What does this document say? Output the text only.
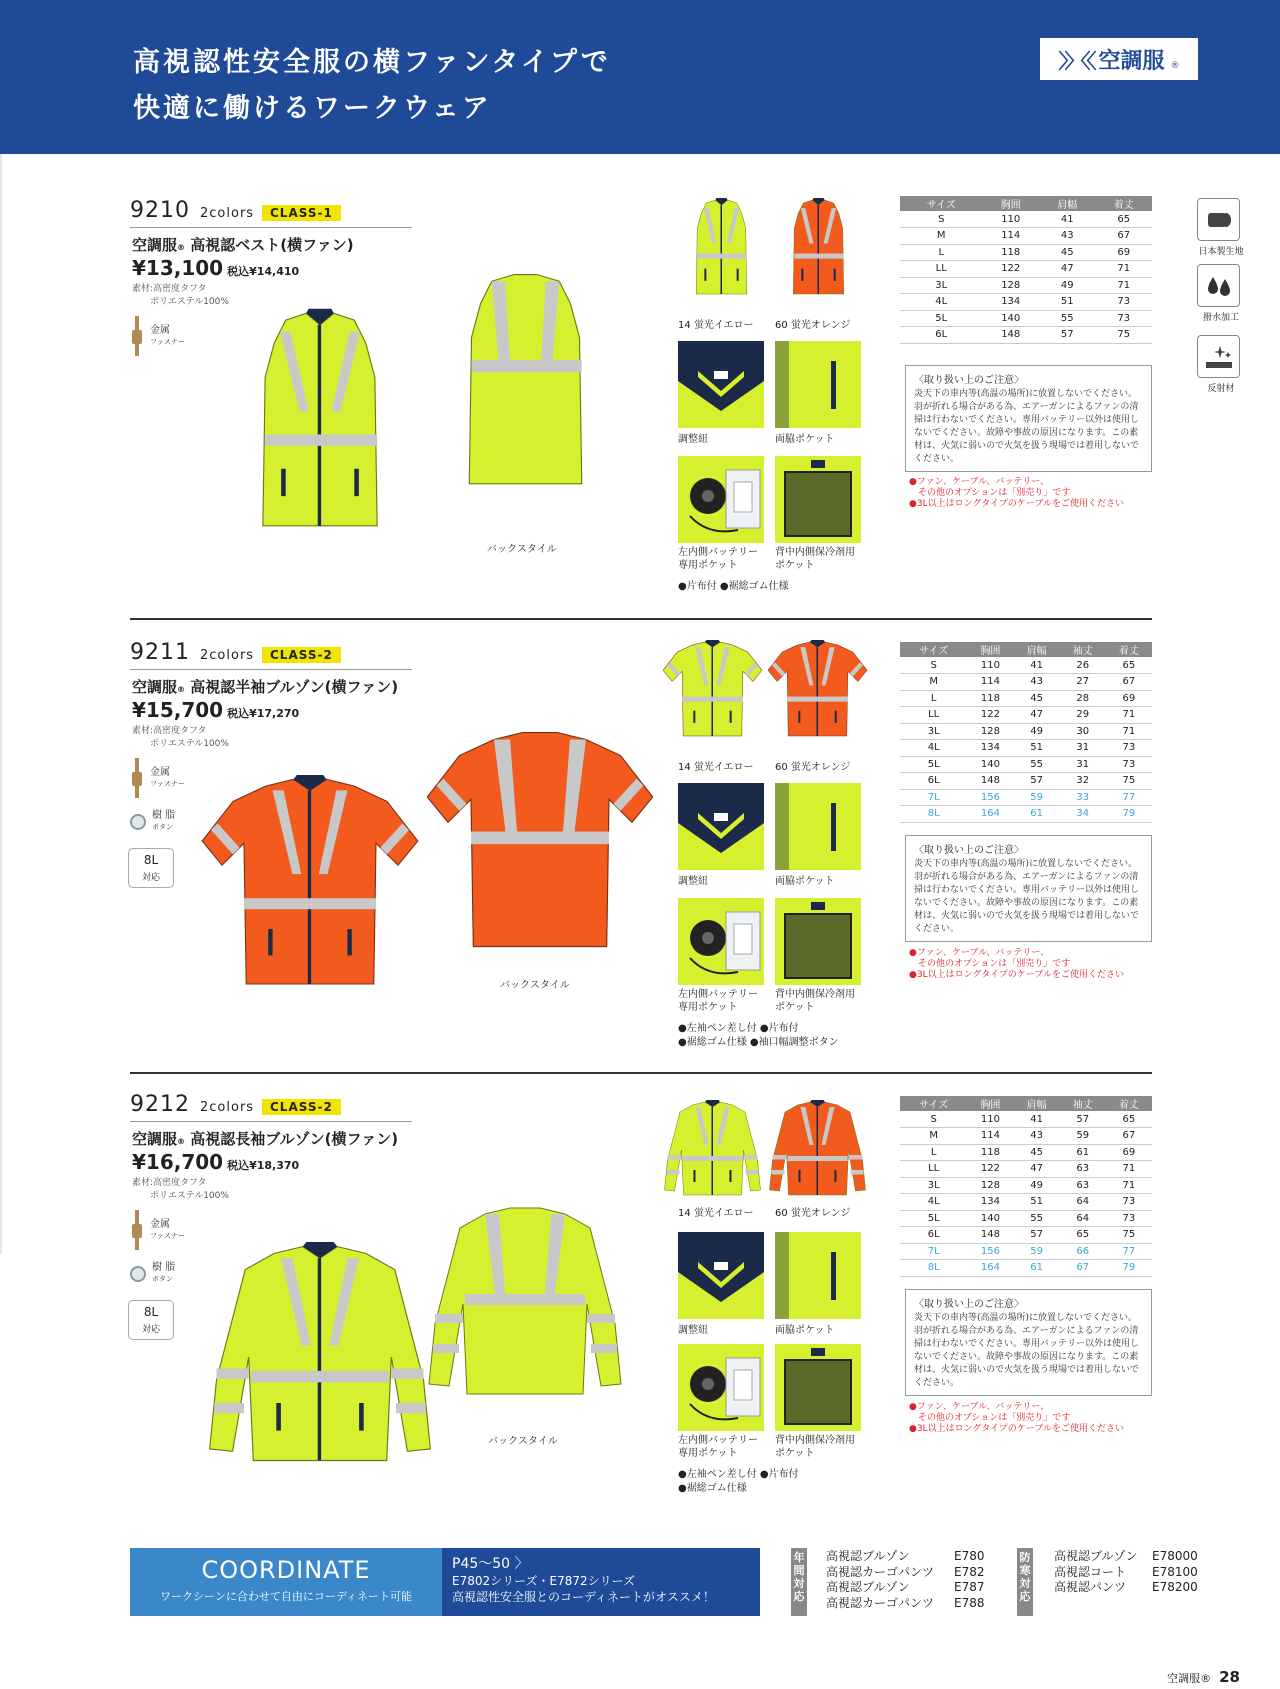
高視認性安全服の横ファンタイプで
快適に働けるワークウェア
〉〉〈〈 空調服 ®
日本製生地
撥水加工
反射材
9210 2colors	CLASS-1
空調服® 高視認ベスト(横ファン)
¥13,100 税込¥14,410
素材:高密度タフタ
　　ポリエステル100%
金属
ファスナー
バックスタイル
14 蛍光イエロー 60 蛍光オレンジ
調整紐	両脇ポケット
左内側バッテリー
専用ポケット
背中内側保冷剤用
ポケット
●片布付 ●裾総ゴム仕様
サイズ	胸囲	肩幅	着丈
S	110	41	65
M	114	43	67
L	118	45	69
LL	122	47	71
3L	128	49	71
4L	134	51	73
5L	140	55	73
6L	148	57	75
〈取り扱い上のご注意〉
炎天下の車内等(高温の場所)に放置しないでください。羽が折れる場合がある為、エアーガンによるファンの清掃は行わないでください。専用バッテリー以外は使用しないでください。故障や事故の原因になります。この素材は、火気に弱いので火気を扱う現場では着用しないでください。
●ファン、ケーブル、バッテリー、
　その他のオプションは「別売り」です
●3L以上はロングタイプのケーブルをご使用ください
9211 2colors	CLASS-2
空調服® 高視認半袖ブルゾン(横ファン)
¥15,700 税込¥17,270
素材:高密度タフタ
　　ポリエステル100%
金属
ファスナー
樹 脂
ボタン
8L
対応
バックスタイル
14 蛍光イエロー 60 蛍光オレンジ
調整紐	両脇ポケット
左内側バッテリー
専用ポケット
背中内側保冷剤用
ポケット
●左袖ペン差し付 ●片布付
●裾総ゴム仕様 ●袖口幅調整ボタン
サイズ	胸囲	肩幅	袖丈	着丈
S	110	41	26	65
M	114	43	27	67
L	118	45	28	69
LL	122	47	29	71
3L	128	49	30	71
4L	134	51	31	73
5L	140	55	31	73
6L	148	57	32	75
7L	156	59	33	77
8L	164	61	34	79
〈取り扱い上のご注意〉
炎天下の車内等(高温の場所)に放置しないでください。羽が折れる場合がある為、エアーガンによるファンの清掃は行わないでください。専用バッテリー以外は使用しないでください。故障や事故の原因になります。この素材は、火気に弱いので火気を扱う現場では着用しないでください。
●ファン、ケーブル、バッテリー、
　その他のオプションは「別売り」です
●3L以上はロングタイプのケーブルをご使用ください
9212 2colors	CLASS-2
空調服® 高視認長袖ブルゾン(横ファン)
¥16,700 税込¥18,370
素材:高密度タフタ
　　ポリエステル100%
金属
ファスナー
樹 脂
ボタン
8L
対応
バックスタイル
14 蛍光イエロー 60 蛍光オレンジ
調整紐	両脇ポケット
左内側バッテリー
専用ポケット
背中内側保冷剤用
ポケット
●左袖ペン差し付 ●片布付
●裾総ゴム仕様
サイズ	胸囲	肩幅	袖丈	着丈
S	110	41	57	65
M	114	43	59	67
L	118	45	61	69
LL	122	47	63	71
3L	128	49	63	71
4L	134	51	64	73
5L	140	55	64	73
6L	148	57	65	75
7L	156	59	66	77
8L	164	61	67	79
〈取り扱い上のご注意〉
炎天下の車内等(高温の場所)に放置しないでください。羽が折れる場合がある為、エアーガンによるファンの清掃は行わないでください。専用バッテリー以外は使用しないでください。故障や事故の原因になります。この素材は、火気に弱いので火気を扱う現場では着用しないでください。
●ファン、ケーブル、バッテリー、
　その他のオプションは「別売り」です
●3L以上はロングタイプのケーブルをご使用ください
COORDINATE
ワークシーンに合わせて自由にコーディネート可能
P45〜50 〉
E7802シリーズ・E7872シリーズ
高視認性安全服とのコーディネートがオススメ！
年間対応
高視認ブルゾン	E780
高視認カーゴパンツ	E782
高視認ブルゾン	E787
高視認カーゴパンツ	E788
防寒対応
高視認ブルゾン	E78000
高視認コート	E78100
高視認パンツ	E78200
空調服® 28
